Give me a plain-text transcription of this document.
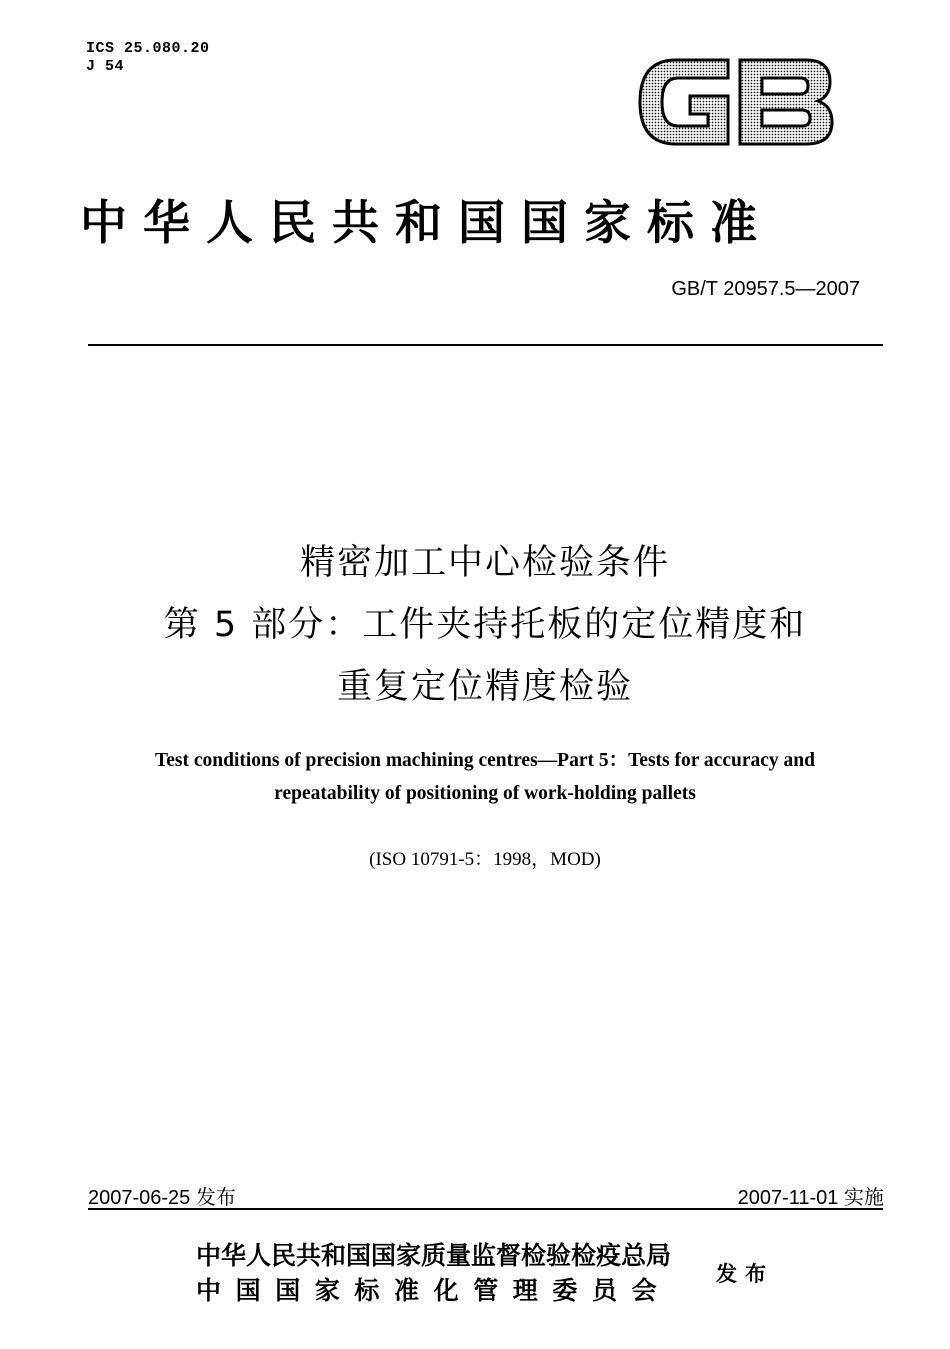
ICS 25.080.20
J 54
中华人民共和国国家标准
GB/T 20957.5—2007
精密加工中心检验条件
第 5 部分：工件夹持托板的定位精度和
重复定位精度检验
Test conditions of precision machining centres—Part 5：Tests for accuracy and
repeatability of positioning of work-holding pallets
(ISO 10791-5：1998，MOD)
2007-06-25 发布	2007-11-01 实施
中华人民共和国国家质量监督检验检疫总局
中国国家标准化管理委员会
发布
